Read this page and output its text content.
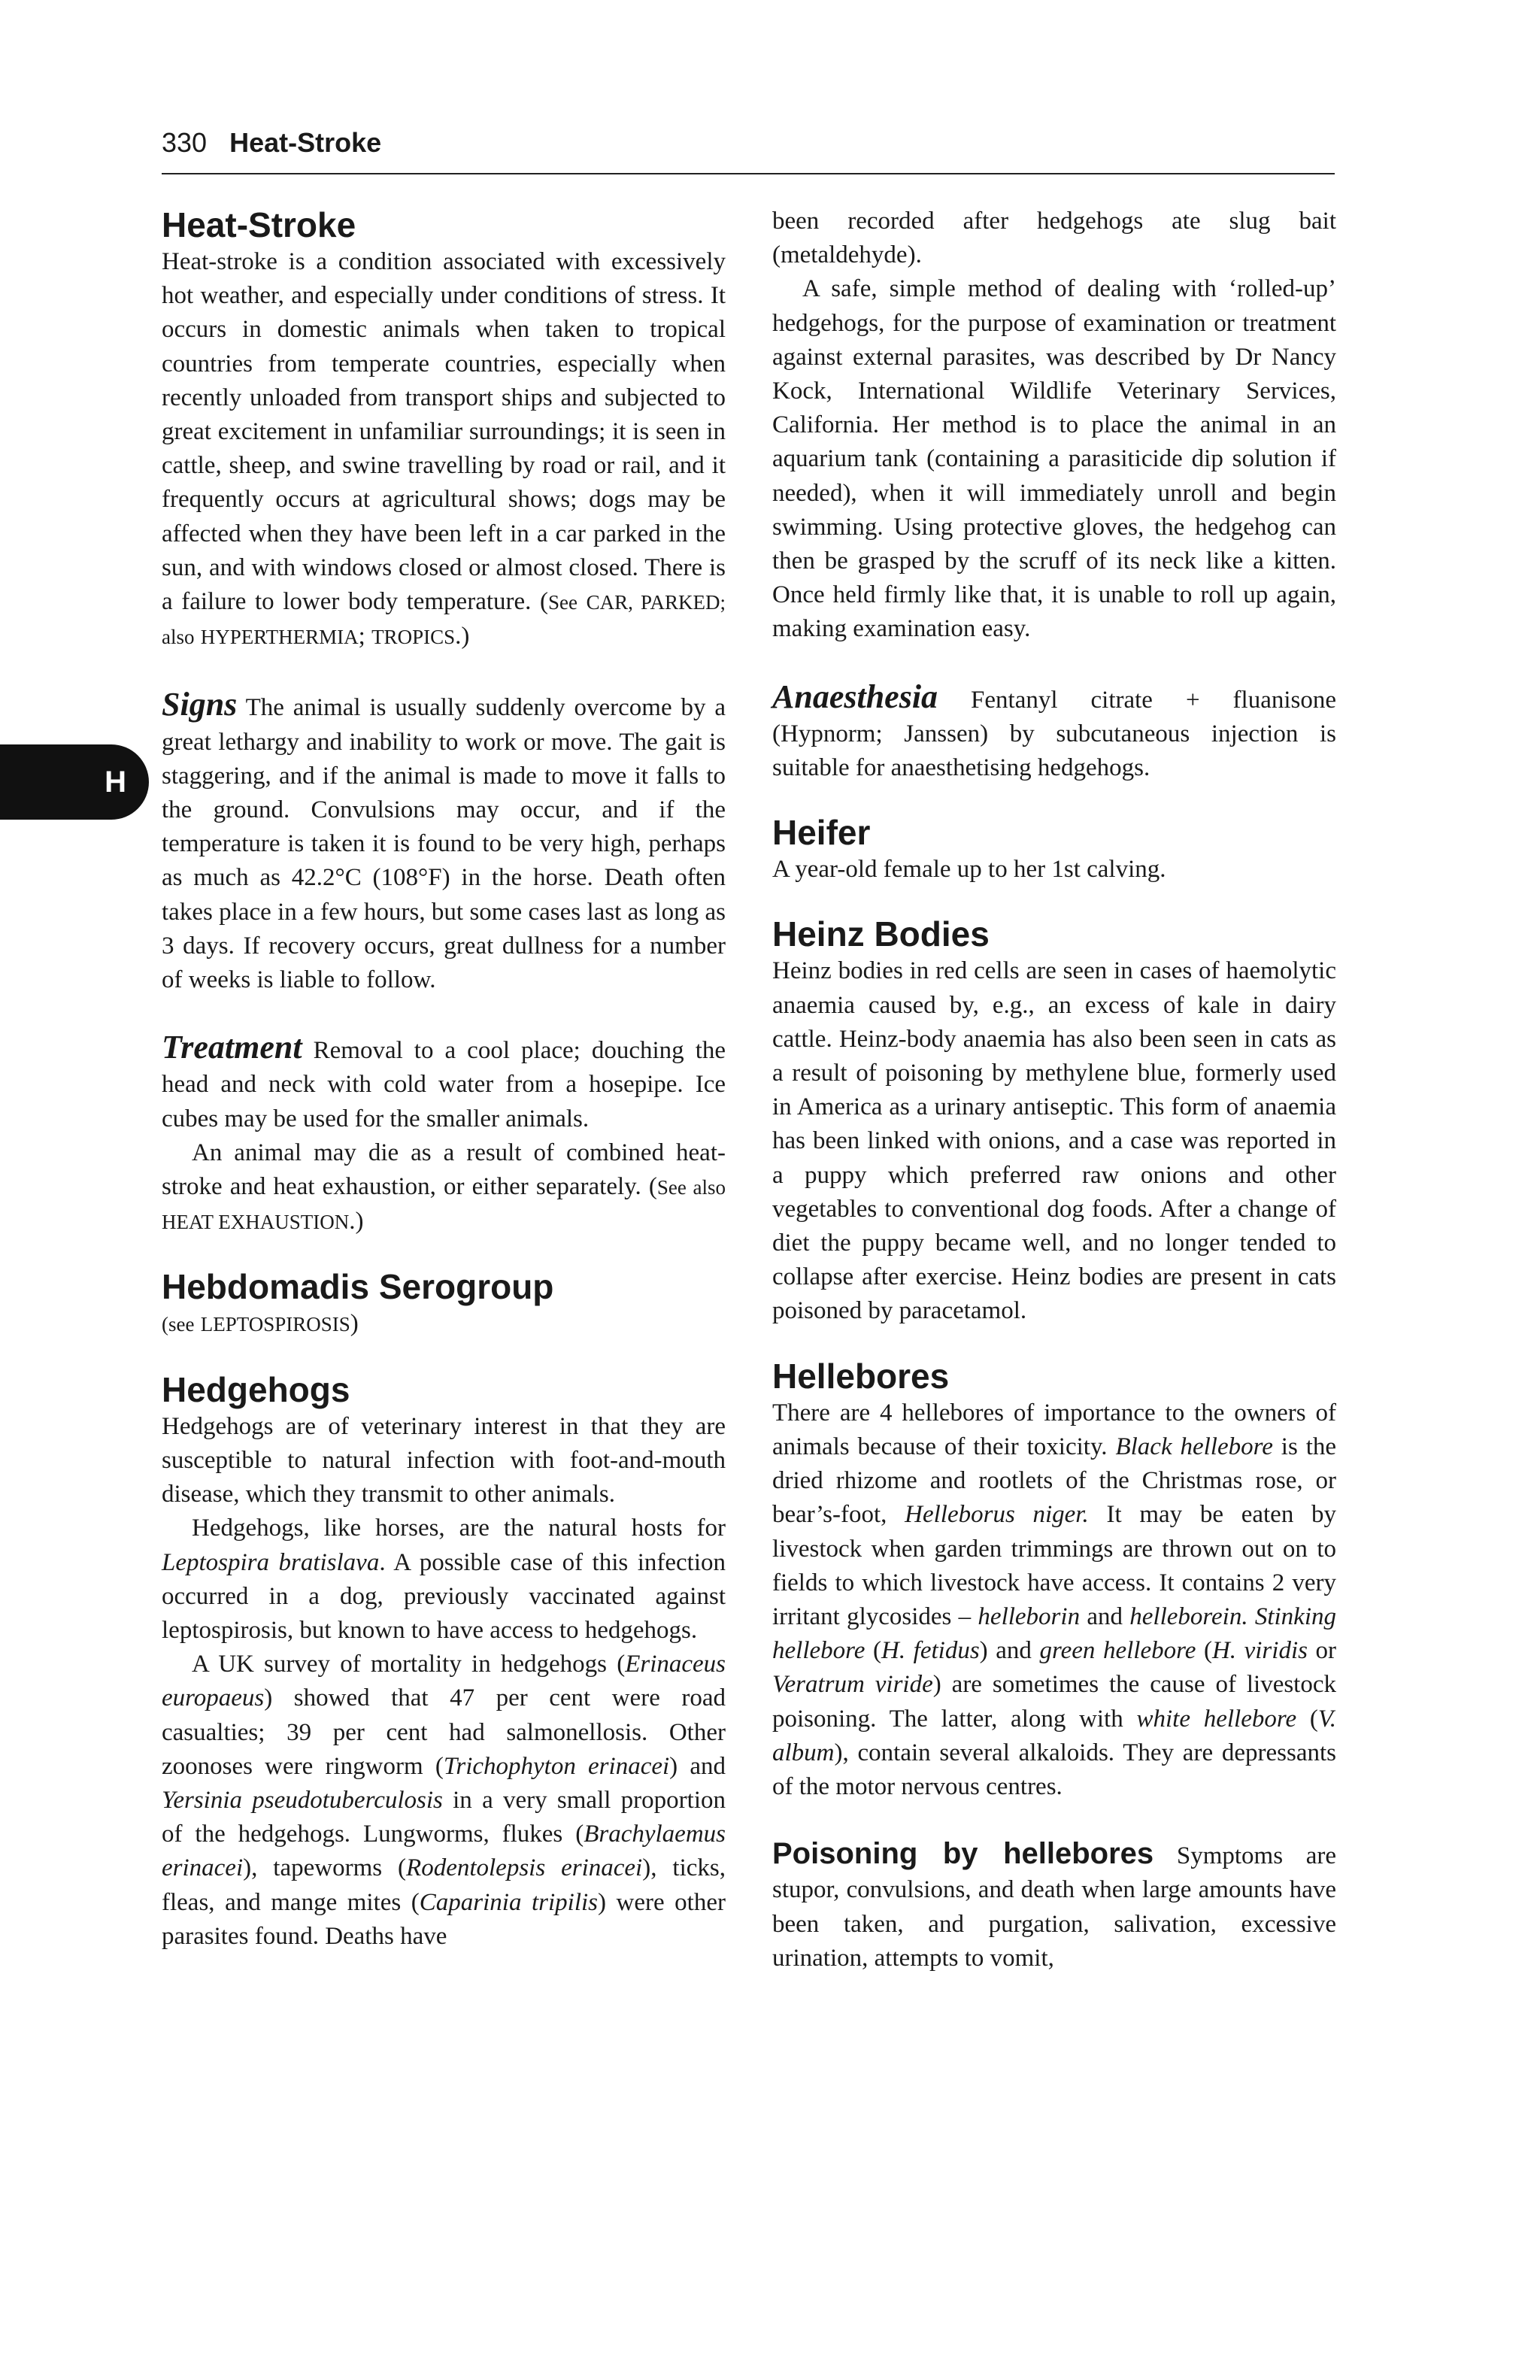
330 Heat-Stroke
H
Heat-Stroke

Heat-stroke is a condition associated with excessively hot weather, and especially under conditions of stress. It occurs in domestic animals when taken to tropical countries from temperate countries, especially when recently unloaded from transport ships and subjected to great excitement in unfamiliar surroundings; it is seen in cattle, sheep, and swine travelling by road or rail, and it frequently occurs at agricultural shows; dogs may be affected when they have been left in a car parked in the sun, and with windows closed or almost closed. There is a failure to lower body temperature. (See CAR, PARKED; also HYPERTHERMIA; TROPICS.)

Signs The animal is usually suddenly overcome by a great lethargy and inability to work or move. The gait is staggering, and if the animal is made to move it falls to the ground. Convulsions may occur, and if the temperature is taken it is found to be very high, perhaps as much as 42.2°C (108°F) in the horse. Death often takes place in a few hours, but some cases last as long as 3 days. If recovery occurs, great dullness for a number of weeks is liable to follow.

Treatment Removal to a cool place; douching the head and neck with cold water from a hosepipe. Ice cubes may be used for the smaller animals.

An animal may die as a result of combined heat-stroke and heat exhaustion, or either separately. (See also HEAT EXHAUSTION.)

Hebdomadis Serogroup

(see LEPTOSPIROSIS)

Hedgehogs

Hedgehogs are of veterinary interest in that they are susceptible to natural infection with foot-and-mouth disease, which they transmit to other animals.

Hedgehogs, like horses, are the natural hosts for Leptospira bratislava. A possible case of this infection occurred in a dog, previously vaccinated against leptospirosis, but known to have access to hedgehogs.

A UK survey of mortality in hedgehogs (Erinaceus europaeus) showed that 47 per cent were road casualties; 39 per cent had salmonellosis. Other zoonoses were ringworm (Trichophyton erinacei) and Yersinia pseudotuberculosis in a very small proportion of the hedgehogs. Lungworms, flukes (Brachylaemus erinacei), tapeworms (Rodentolepsis erinacei), ticks, fleas, and mange mites (Caparinia tripilis) were other parasites found. Deaths have

been recorded after hedgehogs ate slug bait (metaldehyde).

A safe, simple method of dealing with ‘rolled-up’ hedgehogs, for the purpose of examination or treatment against external parasites, was described by Dr Nancy Kock, International Wildlife Veterinary Services, California. Her method is to place the animal in an aquarium tank (containing a parasiticide dip solution if needed), when it will immediately unroll and begin swimming. Using protective gloves, the hedgehog can then be grasped by the scruff of its neck like a kitten. Once held firmly like that, it is unable to roll up again, making examination easy.

Anaesthesia Fentanyl citrate + fluanisone (Hypnorm; Janssen) by subcutaneous injection is suitable for anaesthetising hedgehogs.

Heifer

A year-old female up to her 1st calving.

Heinz Bodies

Heinz bodies in red cells are seen in cases of haemolytic anaemia caused by, e.g., an excess of kale in dairy cattle. Heinz-body anaemia has also been seen in cats as a result of poisoning by methylene blue, formerly used in America as a urinary antiseptic. This form of anaemia has been linked with onions, and a case was reported in a puppy which preferred raw onions and other vegetables to conventional dog foods. After a change of diet the puppy became well, and no longer tended to collapse after exercise. Heinz bodies are present in cats poisoned by paracetamol.

Hellebores

There are 4 hellebores of importance to the owners of animals because of their toxicity. Black hellebore is the dried rhizome and rootlets of the Christmas rose, or bear’s-foot, Helleborus niger. It may be eaten by livestock when garden trimmings are thrown out on to fields to which livestock have access. It contains 2 very irritant glycosides – helleborin and helleborein. Stinking hellebore (H. fetidus) and green hellebore (H. viridis or Veratrum viride) are sometimes the cause of livestock poisoning. The latter, along with white hellebore (V. album), contain several alkaloids. They are depressants of the motor nervous centres.

Poisoning by hellebores Symptoms are stupor, convulsions, and death when large amounts have been taken, and purgation, salivation, excessive urination, attempts to vomit,
